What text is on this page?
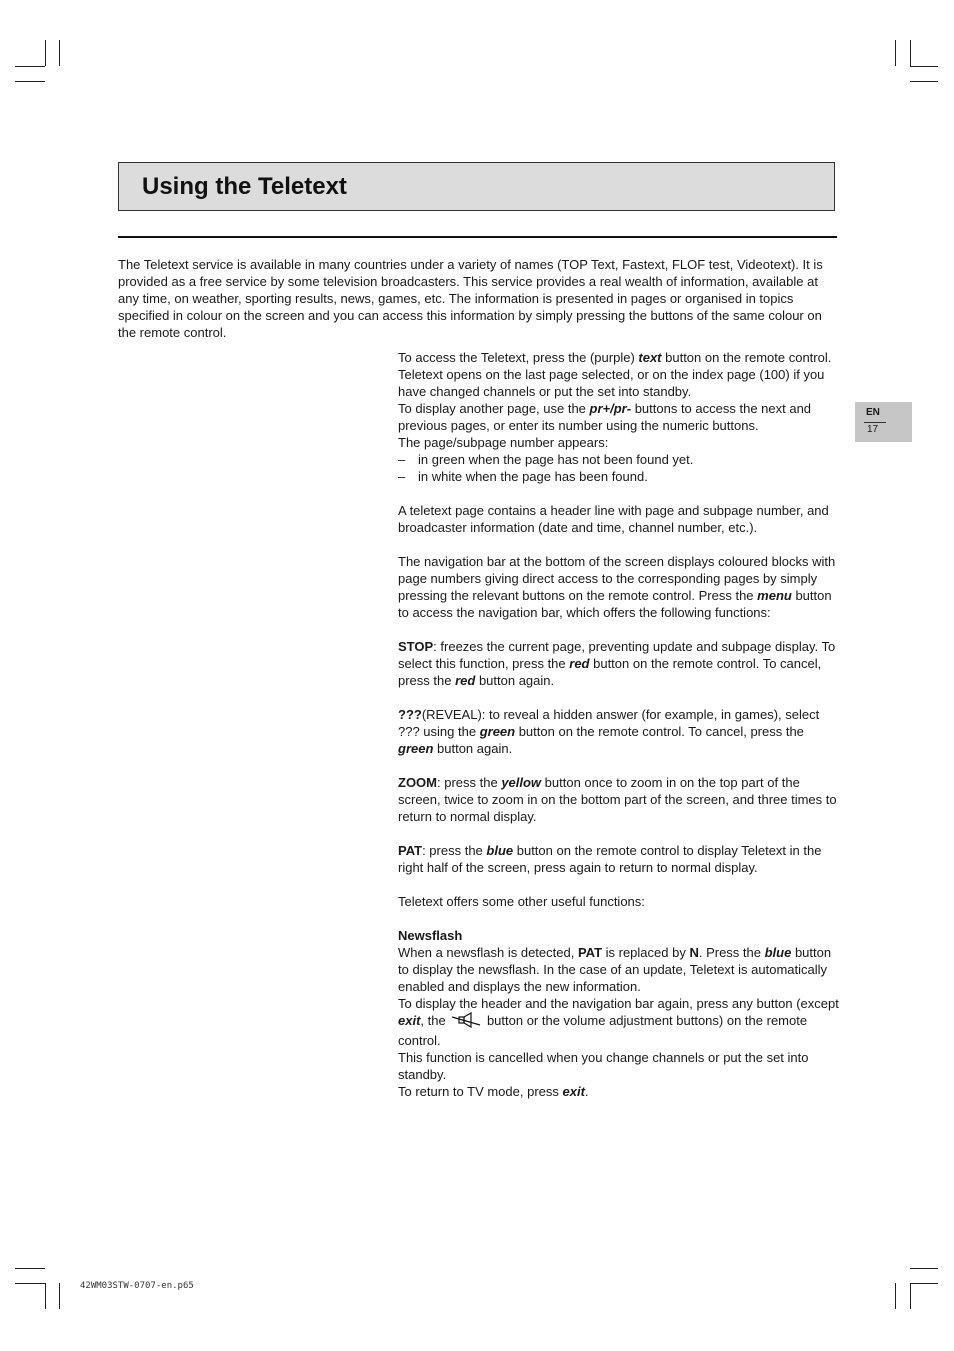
Using the Teletext

The Teletext service is available in many countries under a variety of names (TOP Text, Fastext, FLOF test, Videotext). It is provided as a free service by some television broadcasters. This service provides a real wealth of information, available at any time, on weather, sporting results, news, games, etc. The information is presented in pages or organised in topics specified in colour on the screen and you can access this information by simply pressing the buttons of the same colour on the remote control.

EN
17

To access the Teletext, press the (purple) text button on the remote control. Teletext opens on the last page selected, or on the index page (100) if you have changed channels or put the set into standby.

To display another page, use the pr+/pr- buttons to access the next and previous pages, or enter its number using the numeric buttons.

The page/subpage number appears:

– in green when the page has not been found yet.
– in white when the page has been found.

A teletext page contains a header line with page and subpage number, and broadcaster information (date and time, channel number, etc.).

The navigation bar at the bottom of the screen displays coloured blocks with page numbers giving direct access to the corresponding pages by simply pressing the relevant buttons on the remote control. Press the menu button to access the navigation bar, which offers the following functions:

STOP: freezes the current page, preventing update and subpage display. To select this function, press the red button on the remote control. To cancel, press the red button again.

???(REVEAL): to reveal a hidden answer (for example, in games), select ??? using the green button on the remote control. To cancel, press the green button again.

ZOOM: press the yellow button once to zoom in on the top part of the screen, twice to zoom in on the bottom part of the screen, and three times to return to normal display.

PAT: press the blue button on the remote control to display Teletext in the right half of the screen, press again to return to normal display.

Teletext offers some other useful functions:

Newsflash

When a newsflash is detected, PAT is replaced by N. Press the blue button to display the newsflash. In the case of an update, Teletext is automatically enabled and displays the new information.

To display the header and the navigation bar again, press any button (except exit, the	button or the volume adjustment buttons) on the remote control.

This function is cancelled when you change channels or put the set into standby.

To return to TV mode, press exit.

42WM03STW-0707-en.p65
